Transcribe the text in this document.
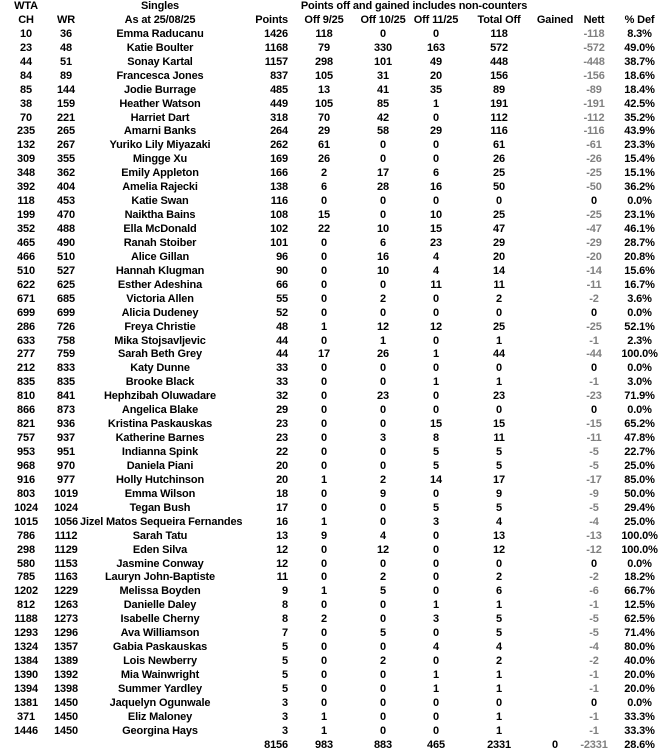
WTA		Singles		Points off and gained includes non-counters						
CH	WR	As at 25/08/25	Points	Off 9/25	Off 10/25	Off 11/25	Total Off	Gained	Nett	% Def
10	36	Emma Raducanu	1426	118	0	0	118		-118	8.3%
23	48	Katie Boulter	1168	79	330	163	572		-572	49.0%
44	51	Sonay Kartal	1157	298	101	49	448		-448	38.7%
84	89	Francesca Jones	837	105	31	20	156		-156	18.6%
85	144	Jodie Burrage	485	13	41	35	89		-89	18.4%
38	159	Heather Watson	449	105	85	1	191		-191	42.5%
70	221	Harriet Dart	318	70	42	0	112		-112	35.2%
235	265	Amarni Banks	264	29	58	29	116		-116	43.9%
132	267	Yuriko Lily Miyazaki	262	61	0	0	61		-61	23.3%
309	355	Mingge Xu	169	26	0	0	26		-26	15.4%
348	362	Emily Appleton	166	2	17	6	25		-25	15.1%
392	404	Amelia Rajecki	138	6	28	16	50		-50	36.2%
118	453	Katie Swan	116	0	0	0	0		0	0.0%
199	470	Naiktha Bains	108	15	0	10	25		-25	23.1%
352	488	Ella McDonald	102	22	10	15	47		-47	46.1%
465	490	Ranah Stoiber	101	0	6	23	29		-29	28.7%
466	510	Alice Gillan	96	0	16	4	20		-20	20.8%
510	527	Hannah Klugman	90	0	10	4	14		-14	15.6%
622	625	Esther Adeshina	66	0	0	11	11		-11	16.7%
671	685	Victoria Allen	55	0	2	0	2		-2	3.6%
699	699	Alicia Dudeney	52	0	0	0	0		0	0.0%
286	726	Freya Christie	48	1	12	12	25		-25	52.1%
633	758	Mika Stojsavljevic	44	0	1	0	1		-1	2.3%
277	759	Sarah Beth Grey	44	17	26	1	44		-44	100.0%
212	833	Katy Dunne	33	0	0	0	0		0	0.0%
835	835	Brooke Black	33	0	0	1	1		-1	3.0%
810	841	Hephzibah Oluwadare	32	0	23	0	23		-23	71.9%
866	873	Angelica Blake	29	0	0	0	0		0	0.0%
821	936	Kristina Paskauskas	23	0	0	15	15		-15	65.2%
757	937	Katherine Barnes	23	0	3	8	11		-11	47.8%
953	951	Indianna Spink	22	0	0	5	5		-5	22.7%
968	970	Daniela Piani	20	0	0	5	5		-5	25.0%
916	977	Holly Hutchinson	20	1	2	14	17		-17	85.0%
803	1019	Emma Wilson	18	0	9	0	9		-9	50.0%
1024	1024	Tegan Bush	17	0	0	5	5		-5	29.4%
1015	1056	Jizel Matos Sequeira Fernandes	16	1	0	3	4		-4	25.0%
786	1112	Sarah Tatu	13	9	4	0	13		-13	100.0%
298	1129	Eden Silva	12	0	12	0	12		-12	100.0%
580	1153	Jasmine Conway	12	0	0	0	0		0	0.0%
785	1163	Lauryn John-Baptiste	11	0	2	0	2		-2	18.2%
1202	1229	Melissa Boyden	9	1	5	0	6		-6	66.7%
812	1263	Danielle Daley	8	0	0	1	1		-1	12.5%
1188	1273	Isabelle Cherny	8	2	0	3	5		-5	62.5%
1293	1296	Ava Williamson	7	0	5	0	5		-5	71.4%
1324	1357	Gabia Paskauskas	5	0	0	4	4		-4	80.0%
1384	1389	Lois Newberry	5	0	2	0	2		-2	40.0%
1390	1392	Mia Wainwright	5	0	0	1	1		-1	20.0%
1394	1398	Summer Yardley	5	0	0	1	1		-1	20.0%
1381	1450	Jaquelyn Ogunwale	3	0	0	0	0		0	0.0%
371	1450	Eliz Maloney	3	1	0	0	1		-1	33.3%
1446	1450	Georgina Hays	3	1	0	0	1		-1	33.3%
			8156	983	883	465	2331	0	-2331	28.6%
